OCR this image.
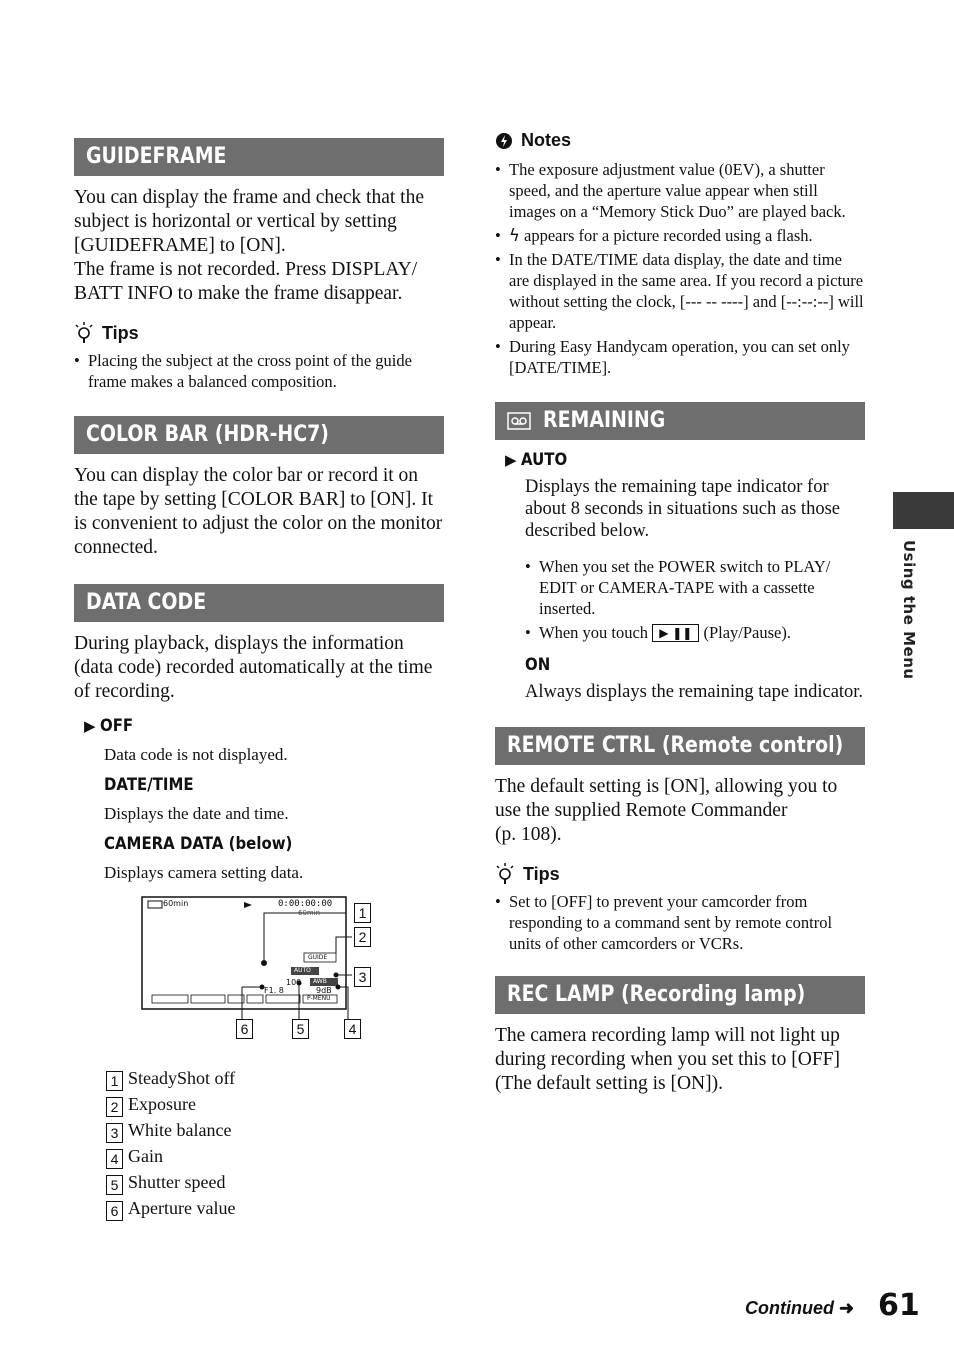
Using the Menu
GUIDEFRAME

You can display the frame and check that the subject is horizontal or vertical by setting [GUIDEFRAME] to [ON].

The frame is not recorded. Press DISPLAY/ BATT INFO to make the frame disappear.

Tips
• Placing the subject at the cross point of the guide frame makes a balanced composition.
COLOR BAR (HDR-HC7)

You can display the color bar or record it on the tape by setting [COLOR BAR] to [ON]. It is convenient to adjust the color on the monitor connected.

DATA CODE

During playback, displays the information (data code) recorded automatically at the time of recording.

▶ OFF
Data code is not displayed.
DATE/TIME
Displays the date and time.
CAMERA DATA (below)
Displays camera setting data.
60min	0:00:00:00
60min
GUIDE
AUTO
100 AWB
F1. 8	9dB
P-MENU
1
2
3
4
5
6
1 SteadyShot off
2 Exposure
3 White balance
4 Gain
5 Shutter speed
6 Aperture value
Notes
• The exposure adjustment value (0EV), a shutter speed, and the aperture value appear when still images on a “Memory Stick Duo” are played back.
• ϟ appears for a picture recorded using a flash.
• In the DATE/TIME data display, the date and time are displayed in the same area. If you record a picture without setting the clock, [--- -- ----] and [--:--:--] will appear.
• During Easy Handycam operation, you can set only [DATE/TIME].
REMAINING
▶ AUTO

Displays the remaining tape indicator for about 8 seconds in situations such as those described below.

• When you set the POWER switch to PLAY/ EDIT or CAMERA-TAPE with a cassette inserted.
• When you touch ▶ ❚❚ (Play/Pause).
ON

Always displays the remaining tape indicator.

REMOTE CTRL (Remote control)

The default setting is [ON], allowing you to use the supplied Remote Commander

(p. 108).

Tips
• Set to [OFF] to prevent your camcorder from responding to a command sent by remote control units of other camcorders or VCRs.
REC LAMP (Recording lamp)

The camera recording lamp will not light up during recording when you set this to [OFF] (The default setting is [ON]).

Continued ➜ 61
